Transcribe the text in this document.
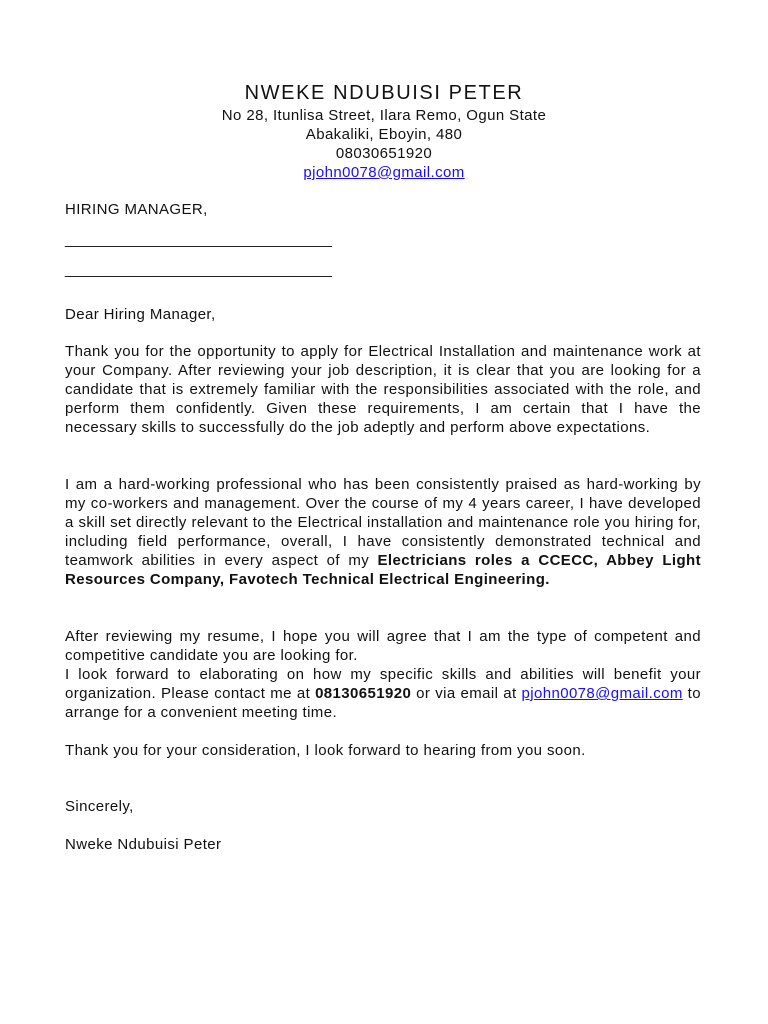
NWEKE NDUBUISI PETER

No 28, Itunlisa Street, Ilara Remo, Ogun State

Abakaliki, Eboyin, 480

08030651920

pjohn0078@gmail.com

HIRING MANAGER,

________________________________

________________________________

Dear Hiring Manager,

Thank you for the opportunity to apply for Electrical Installation and maintenance work at your Company. After reviewing your job description, it is clear that you are looking for a candidate that is extremely familiar with the responsibilities associated with the role, and perform them confidently. Given these requirements, I am certain that I have the necessary skills to successfully do the job adeptly and perform above expectations.

I am a hard-working professional who has been consistently praised as hard-working by my co-workers and management. Over the course of my 4 years career, I have developed a skill set directly relevant to the Electrical installation and maintenance role you hiring for, including field performance, overall, I have consistently demonstrated technical and teamwork abilities in every aspect of my Electricians roles a CCECC, Abbey Light Resources Company, Favotech Technical Electrical Engineering.

After reviewing my resume, I hope you will agree that I am the type of competent and competitive candidate you are looking for.

I look forward to elaborating on how my specific skills and abilities will benefit your organization. Please contact me at 08130651920 or via email at pjohn0078@gmail.com to arrange for a convenient meeting time.

Thank you for your consideration, I look forward to hearing from you soon.

Sincerely,

Nweke Ndubuisi Peter
